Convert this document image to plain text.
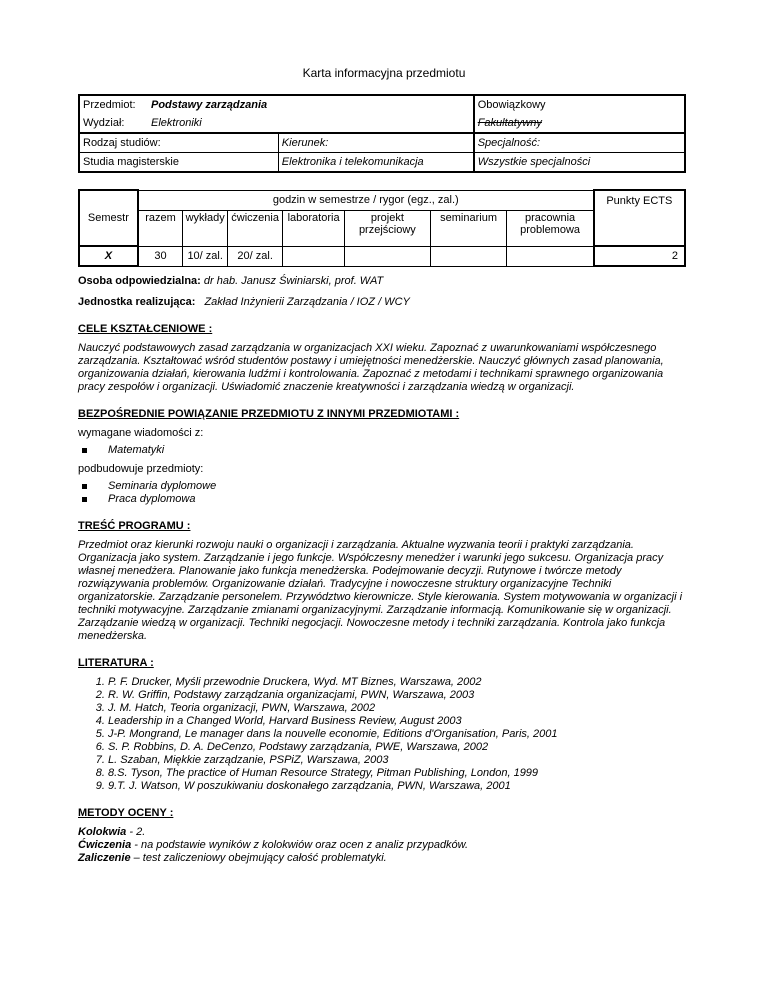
Karta informacyjna przedmiotu
Przedmiot: Podstawy zarządzania		Obowiązkowy
Wydział: Elektroniki		Fakultatywny
Rodzaj studiów:	Kierunek:	Specjalność:
Studia magisterskie	Elektronika i telekomunikacja	Wszystkie specjalności
Semestr	godzin w semestrze / rygor (egz., zal.)							Punkty ECTS
	razem	wykłady	ćwiczenia	laboratoria	projekt przejściowy	seminarium	pracownia problemowa	
X	30	10/ zal.	20/ zal.					2

Osoba odpowiedzialna: dr hab. Janusz Świniarski, prof. WAT

Jednostka realizująca: Zakład Inżynierii Zarządzania / IOZ / WCY

CELE KSZTAŁCENIOWE :

Nauczyć podstawowych zasad zarządzania w organizacjach XXI wieku. Zapoznać z uwarunkowaniami współczesnego zarządzania. Kształtować wśród studentów postawy i umiejętności menedżerskie. Nauczyć głównych zasad planowania, organizowania działań, kierowania ludźmi i kontrolowania. Zapoznać z metodami i technikami sprawnego organizowania pracy zespołów i organizacji. Uświadomić znaczenie kreatywności i zarządzania wiedzą w organizacji.

BEZPOŚREDNIE POWIĄZANIE PRZEDMIOTU Z INNYMI PRZEDMIOTAMI :

wymagane wiadomości z:

Matematyki

podbudowuje przedmioty:

Seminaria dyplomowe
Praca dyplomowa
TREŚĆ PROGRAMU :

Przedmiot oraz kierunki rozwoju nauki o organizacji i zarządzania. Aktualne wyzwania teorii i praktyki zarządzania. Organizacja jako system. Zarządzanie i jego funkcje. Współczesny menedżer i warunki jego sukcesu. Organizacja pracy własnej menedżera. Planowanie jako funkcja menedżerska. Podejmowanie decyzji. Rutynowe i twórcze metody rozwiązywania problemów. Organizowanie działań. Tradycyjne i nowoczesne struktury organizacyjne Techniki organizatorskie. Zarządzanie personelem. Przywództwo kierownicze. Style kierowania. System motywowania w organizacji i techniki motywacyjne. Zarządzanie zmianami organizacyjnymi. Zarządzanie informacją. Komunikowanie się w organizacji. Zarządzanie wiedzą w organizacji. Techniki negocjacji. Nowoczesne metody i techniki zarządzania. Kontrola jako funkcja menedżerska.

LITERATURA :
1. P. F. Drucker, Myśli przewodnie Druckera, Wyd. MT Biznes, Warszawa, 2002
2. R. W. Griffin, Podstawy zarządzania organizacjami, PWN, Warszawa, 2003
3. J. M. Hatch, Teoria organizacji, PWN, Warszawa, 2002
4. Leadership in a Changed World, Harvard Business Review, August 2003
5. J-P. Mongrand, Le manager dans la nouvelle economie, Editions d'Organisation, Paris, 2001
6. S. P. Robbins, D. A. DeCenzo, Podstawy zarządzania, PWE, Warszawa, 2002
7. L. Szaban, Miękkie zarządzanie, PSPiZ, Warszawa, 2003
8. 8.S. Tyson, The practice of Human Resource Strategy, Pitman Publishing, London, 1999
9. 9.T. J. Watson, W poszukiwaniu doskonałego zarządzania, PWN, Warszawa, 2001
METODY OCENY :

Kolokwia - 2.

Ćwiczenia - na podstawie wyników z kolokwiów oraz ocen z analiz przypadków.

Zaliczenie – test zaliczeniowy obejmujący całość problematyki.
